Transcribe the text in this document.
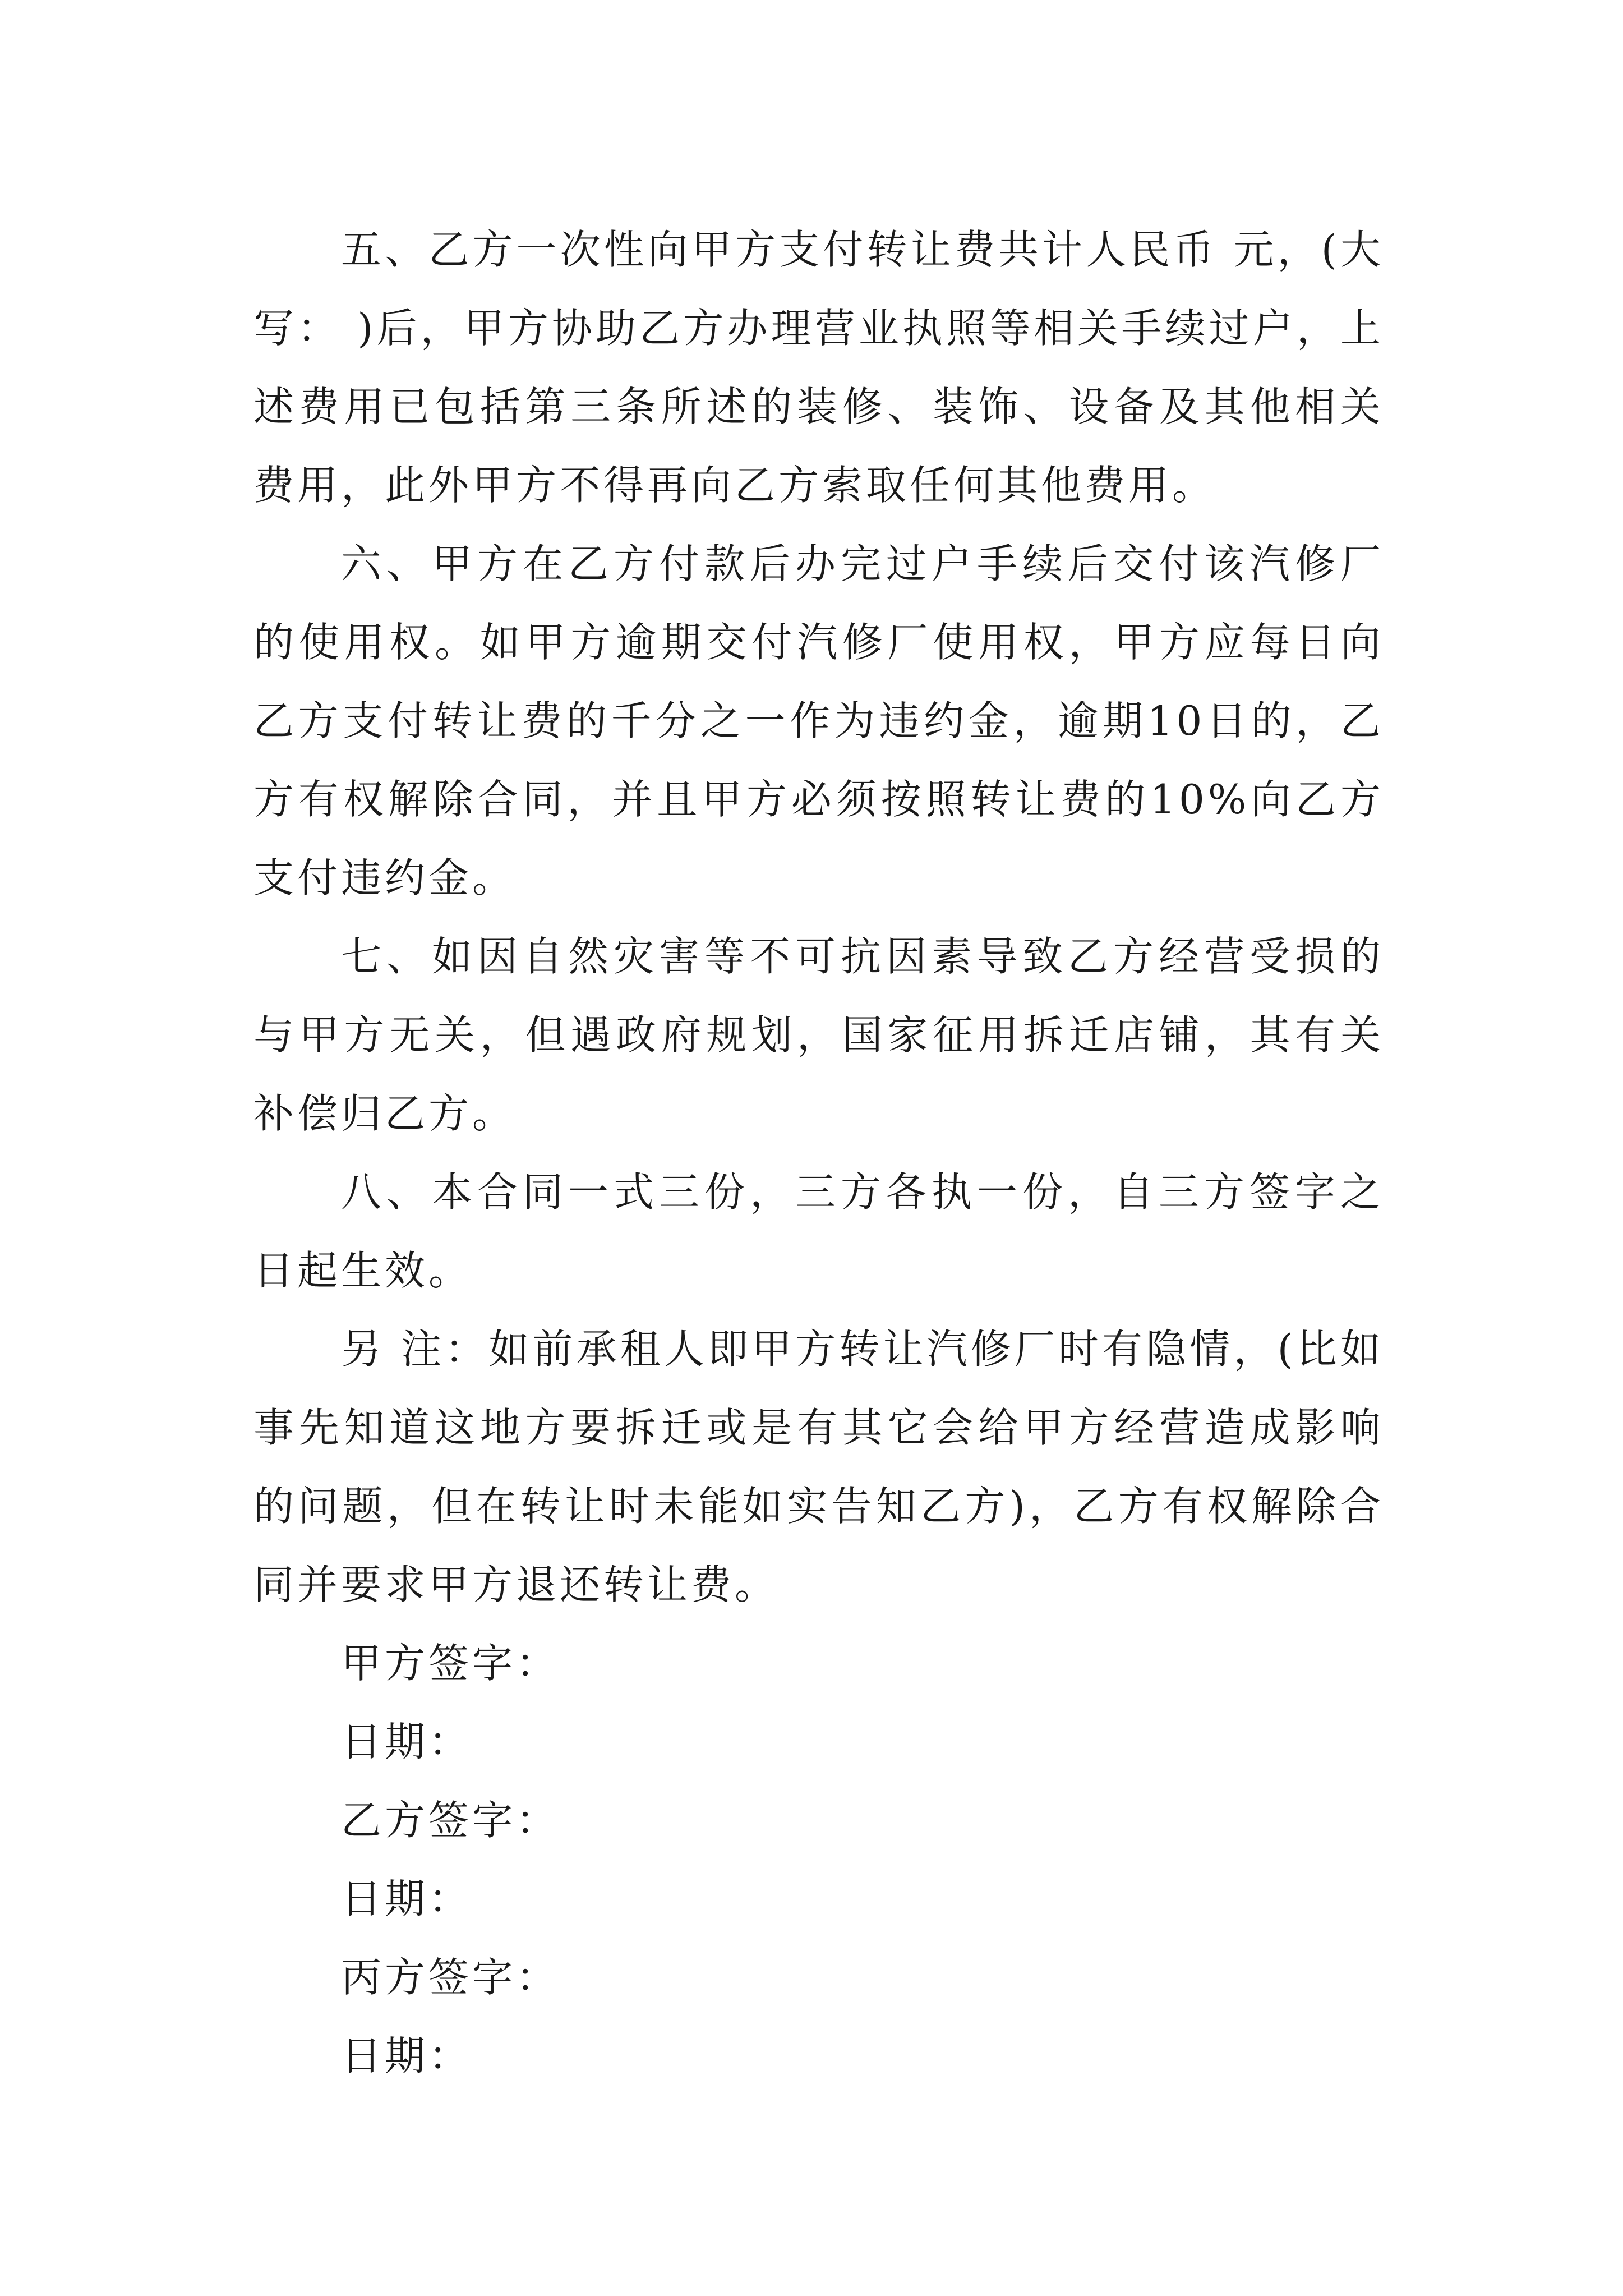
五、乙方一次性向甲方支付转让费共计人民币 元，(大写： )后，甲方协助乙方办理营业执照等相关手续过户，上述费用已包括第三条所述的装修、装饰、设备及其他相关费用，此外甲方不得再向乙方索取任何其他费用。

六、甲方在乙方付款后办完过户手续后交付该汽修厂的使用权。如甲方逾期交付汽修厂使用权，甲方应每日向乙方支付转让费的千分之一作为违约金，逾期10日的，乙方有权解除合同，并且甲方必须按照转让费的10%向乙方支付违约金。

七、如因自然灾害等不可抗因素导致乙方经营受损的与甲方无关，但遇政府规划，国家征用拆迁店铺，其有关补偿归乙方。

八、本合同一式三份，三方各执一份，自三方签字之日起生效。

另 注：如前承租人即甲方转让汽修厂时有隐情，(比如事先知道这地方要拆迁或是有其它会给甲方经营造成影响的问题，但在转让时未能如实告知乙方)，乙方有权解除合同并要求甲方退还转让费。

甲方签字：

日期：

乙方签字：

日期：

丙方签字：

日期：
